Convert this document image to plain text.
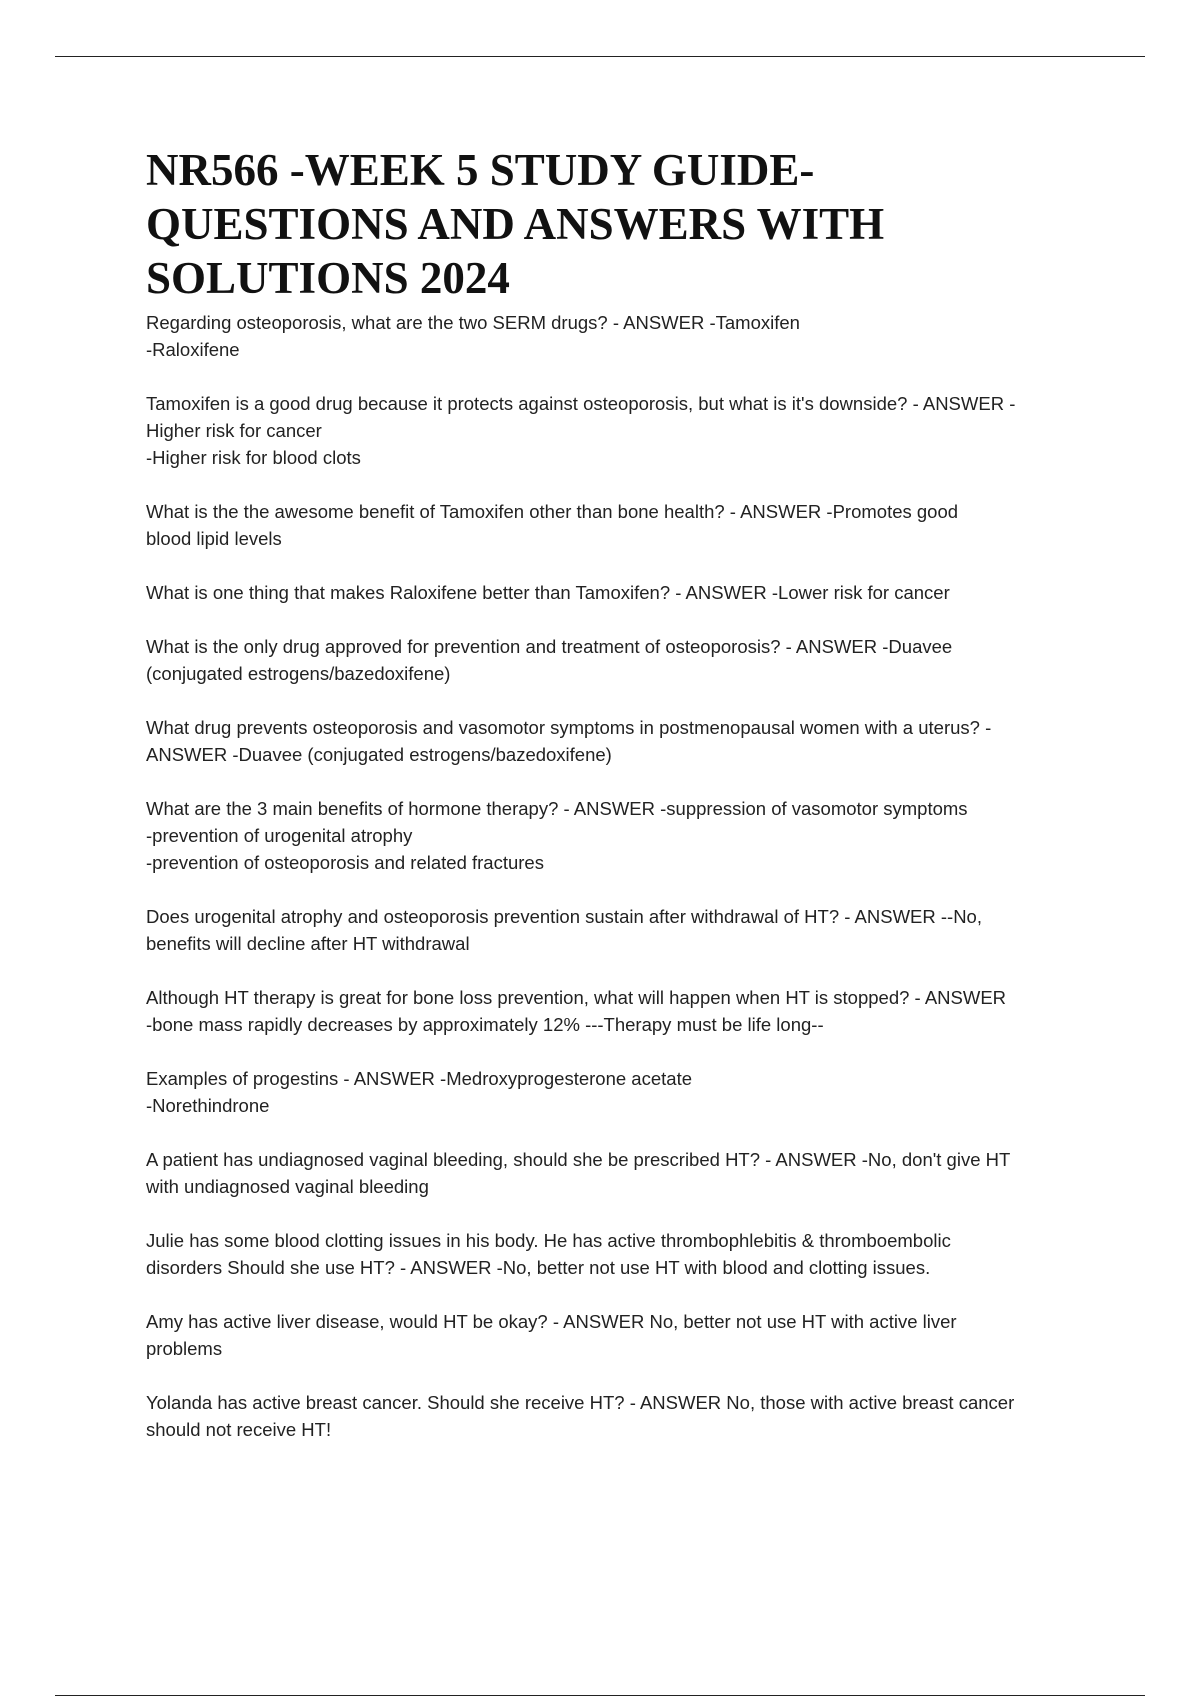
NR566 -WEEK 5 STUDY GUIDE-
QUESTIONS AND ANSWERS WITH
SOLUTIONS 2024
Regarding osteoporosis, what are the two SERM drugs? - ANSWER -Tamoxifen
-Raloxifene
Tamoxifen is a good drug because it protects against osteoporosis, but what is it's downside? - ANSWER -
Higher risk for cancer
-Higher risk for blood clots
What is the the awesome benefit of Tamoxifen other than bone health? - ANSWER -Promotes good
blood lipid levels
What is one thing that makes Raloxifene better than Tamoxifen? - ANSWER -Lower risk for cancer
What is the only drug approved for prevention and treatment of osteoporosis? - ANSWER -Duavee
(conjugated estrogens/bazedoxifene)
What drug prevents osteoporosis and vasomotor symptoms in postmenopausal women with a uterus? -
ANSWER -Duavee (conjugated estrogens/bazedoxifene)
What are the 3 main benefits of hormone therapy? - ANSWER -suppression of vasomotor symptoms
-prevention of urogenital atrophy
-prevention of osteoporosis and related fractures
Does urogenital atrophy and osteoporosis prevention sustain after withdrawal of HT? - ANSWER --No,
benefits will decline after HT withdrawal
Although HT therapy is great for bone loss prevention, what will happen when HT is stopped? - ANSWER
-bone mass rapidly decreases by approximately 12% ---Therapy must be life long--
Examples of progestins - ANSWER -Medroxyprogesterone acetate
-Norethindrone
A patient has undiagnosed vaginal bleeding, should she be prescribed HT? - ANSWER -No, don't give HT
with undiagnosed vaginal bleeding
Julie has some blood clotting issues in his body. He has active thrombophlebitis & thromboembolic
disorders Should she use HT? - ANSWER -No, better not use HT with blood and clotting issues.
Amy has active liver disease, would HT be okay? - ANSWER No, better not use HT with active liver
problems
Yolanda has active breast cancer. Should she receive HT? - ANSWER No, those with active breast cancer
should not receive HT!
